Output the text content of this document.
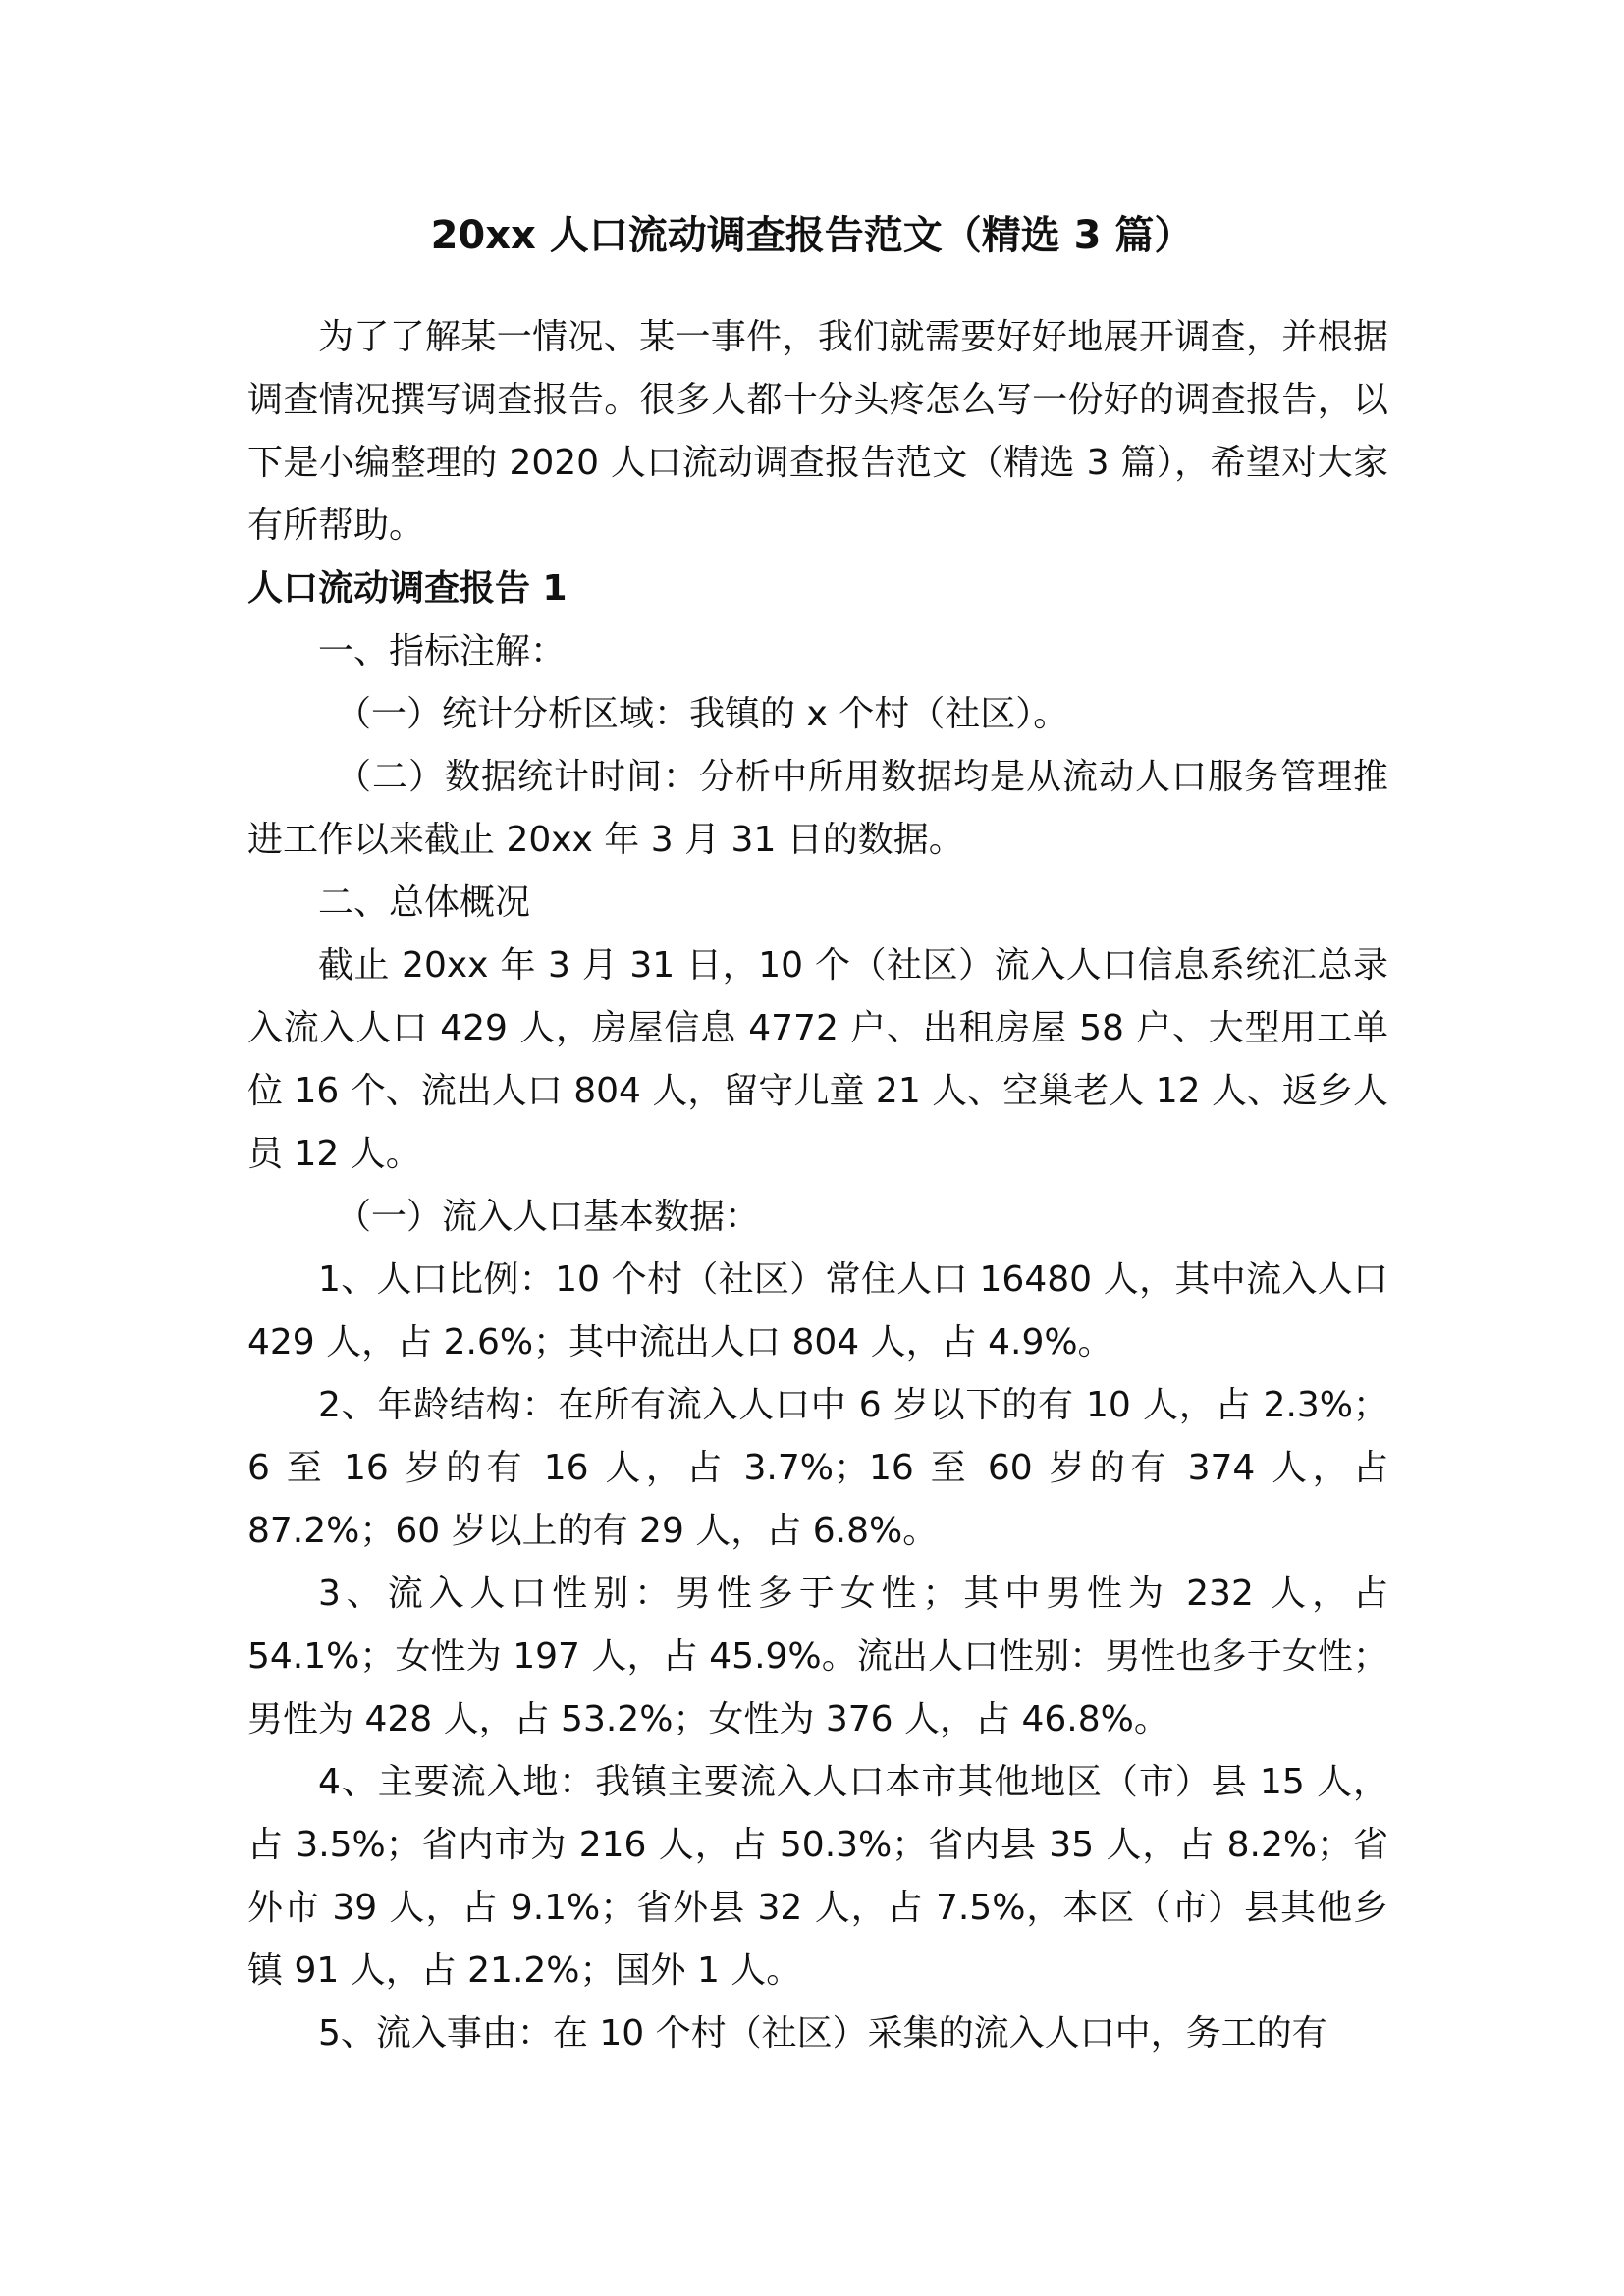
20xx 人口流动调查报告范文（精选 3 篇）

为了了解某一情况、某一事件，我们就需要好好地展开调查，并根据调查情况撰写调查报告。很多人都十分头疼怎么写一份好的调查报告，以下是小编整理的 2020 人口流动调查报告范文（精选 3 篇），希望对大家有所帮助。

人口流动调查报告 1

一、指标注解：

（一）统计分析区域：我镇的 x 个村（社区）。

（二）数据统计时间：分析中所用数据均是从流动人口服务管理推进工作以来截止 20xx 年 3 月 31 日的数据。

二、总体概况

截止 20xx 年 3 月 31 日，10 个（社区）流入人口信息系统汇总录入流入人口 429 人，房屋信息 4772 户、出租房屋 58 户、大型用工单位 16 个、流出人口 804 人，留守儿童 21 人、空巢老人 12 人、返乡人员 12 人。

（一）流入人口基本数据：

1、人口比例：10 个村（社区）常住人口 16480 人，其中流入人口 429 人，占 2.6%；其中流出人口 804 人，占 4.9%。

2、年龄结构：在所有流入人口中 6 岁以下的有 10 人，占 2.3%；6 至 16 岁的有 16 人，占 3.7%；16 至 60 岁的有 374 人，占 87.2%；60 岁以上的有 29 人，占 6.8%。

3、流入人口性别：男性多于女性；其中男性为 232 人，占 54.1%；女性为 197 人，占 45.9%。流出人口性别：男性也多于女性；男性为 428 人，占 53.2%；女性为 376 人，占 46.8%。

4、主要流入地：我镇主要流入人口本市其他地区（市）县 15 人，占 3.5%；省内市为 216 人，占 50.3%；省内县 35 人，占 8.2%；省外市 39 人，占 9.1%；省外县 32 人，占 7.5%，本区（市）县其他乡镇 91 人，占 21.2%；国外 1 人。

5、流入事由：在 10 个村（社区）采集的流入人口中，务工的有
